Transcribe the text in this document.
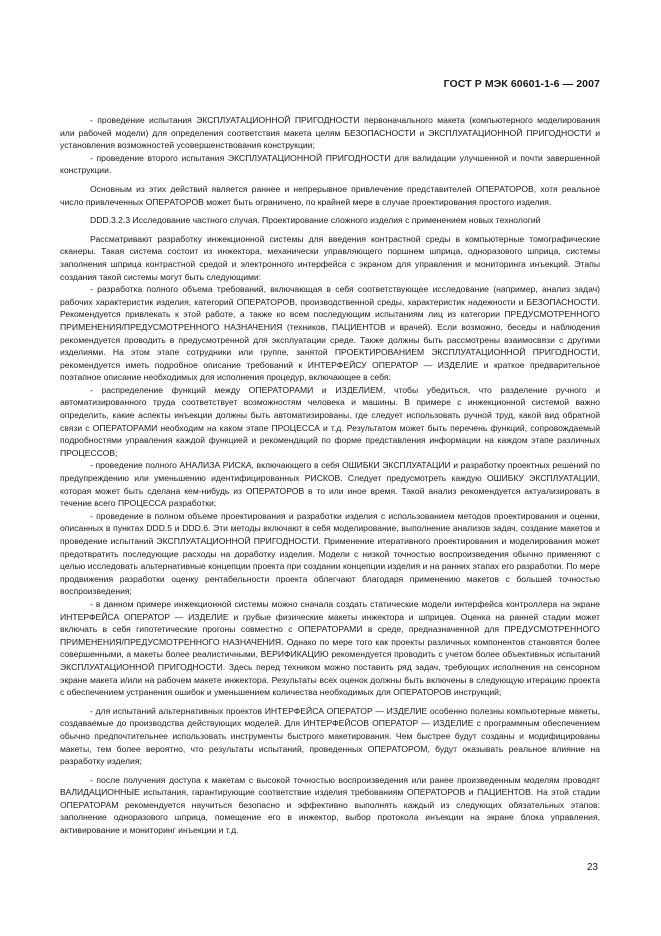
ГОСТ Р МЭК 60601-1-6 — 2007

- проведение испытания ЭКСПЛУАТАЦИОННОЙ ПРИГОДНОСТИ первоначального макета (компьютерного моделирования или рабочей модели) для определения соответствия макета целям БЕЗОПАСНОСТИ и ЭКСПЛУАТАЦИОННОЙ ПРИГОДНОСТИ и установления возможностей усовершенствования конструкции;

- проведение второго испытания ЭКСПЛУАТАЦИОННОЙ ПРИГОДНОСТИ для валидации улучшенной и почти завершенной конструкции.

Основным из этих действий является раннее и непрерывное привлечение представителей ОПЕРАТОРОВ, хотя реальное число привлеченных ОПЕРАТОРОВ может быть ограничено, по крайней мере в случае проектирования простого изделия.

DDD.3.2.3 Исследование частного случая. Проектирование сложного изделия с применением новых технологий

Рассматривают разработку инжекционной системы для введения контрастной среды в компьютерные томографические сканеры. Такая система состоит из инжектора, механически управляющего поршнем шприца, одноразового шприца, системы заполнения шприца контрастной средой и электронного интерфейса с экраном для управления и мониторинга инъекций. Этапы создания такой системы могут быть следующими:

- разработка полного объема требований, включающая в себя соответствующее исследование (например, анализ задач) рабочих характеристик изделия, категорий ОПЕРАТОРОВ, производственной среды, характеристик надежности и БЕЗОПАСНОСТИ. Рекомендуется привлекать к этой работе, а также ко всем последующим испытаниям лиц из категории ПРЕДУСМОТРЕННОГО ПРИМЕНЕНИЯ/ПРЕДУСМОТРЕННОГО НАЗНАЧЕНИЯ (техников, ПАЦИЕНТОВ и врачей). Если возможно, беседы и наблюдения рекомендуется проводить в предусмотренной для эксплуатации среде. Также должны быть рассмотрены взаимосвязи с другими изделиями. На этом этапе сотрудники или группе, занятой ПРОЕКТИРОВАНИЕМ ЭКСПЛУАТАЦИОННОЙ ПРИГОДНОСТИ, рекомендуется иметь подробное описание требований к ИНТЕРФЕЙСУ ОПЕРАТОР — ИЗДЕЛИЕ и краткое предварительное поэтапное описание необходимых для исполнения процедур, включающее в себя:

- распределение функций между ОПЕРАТОРАМИ и ИЗДЕЛИЕМ, чтобы убедиться, что разделение ручного и автоматизированного труда соответствует возможностям человека и машины. В примере с инжекционной системой важно определить, какие аспекты инъекции должны быть автоматизированы, где следует использовать ручной труд, какой вид обратной связи с ОПЕРАТОРАМИ необходим на каком этапе ПРОЦЕССА и т.д. Результатом может быть перечень функций, сопровождаемый подробностями управления каждой функцией и рекомендаций по форме представления информации на каждом этапе различных ПРОЦЕССОВ;

- проведение полного АНАЛИЗА РИСКА, включающего в себя ОШИБКИ ЭКСПЛУАТАЦИИ и разработку проектных решений по предупреждению или уменьшению идентифицированных РИСКОВ. Следует предусмотреть каждую ОШИБКУ ЭКСПЛУАТАЦИИ, которая может быть сделана кем-нибудь из ОПЕРАТОРОВ в то или иное время. Такой анализ рекомендуется актуализировать в течение всего ПРОЦЕССА разработки;

- проведение в полном объеме проектирования и разработки изделия с использованием методов проектирования и оценки, описанных в пунктах DDD.5 и DDD.6. Эти методы включают в себя моделирование, выполнение анализов задач, создание макетов и проведение испытаний ЭКСПЛУАТАЦИОННОЙ ПРИГОДНОСТИ. Применение итеративного проектирования и моделирования может предотвратить последующие расходы на доработку изделия. Модели с низкой точностью воспроизведения обычно применяют с целью исследовать альтернативные концепции проекта при создании концепции изделия и на ранних этапах его разработки. По мере продвижения разработки оценку рентабельности проекта облегчают благодаря применению макетов с большей точностью воспроизведения;

- в данном примере инжекционной системы можно сначала создать статические модели интерфейса контроллера на экране ИНТЕРФЕЙСА ОПЕРАТОР — ИЗДЕЛИЕ и грубые физические макеты инжектора и шприцев. Оценка на ранней стадии может включать в себя гипотетические прогоны совместно с ОПЕРАТОРАМИ в среде, предназначенной для ПРЕДУСМОТРЕННОГО ПРИМЕНЕНИЯ/ПРЕДУСМОТРЕННОГО НАЗНАЧЕНИЯ. Однако по мере того как проекты различных компонентов становятся более совершенными, а макеты более реалистичными, ВЕРИФИКАЦИЮ рекомендуется проводить с учетом более объективных испытаний ЭКСПЛУАТАЦИОННОЙ ПРИГОДНОСТИ. Здесь перед техником можно поставить ряд задач, требующих исполнения на сенсорном экране макета и/или на рабочем макете инжектора. Результаты всех оценок должны быть включены в следующую итерацию проекта с обеспечением устранения ошибок и уменьшением количества необходимых для ОПЕРАТОРОВ инструкций;

- для испытаний альтернативных проектов ИНТЕРФЕЙСА ОПЕРАТОР — ИЗДЕЛИЕ особенно полезны компьютерные макеты, создаваемые до производства действующих моделей. Для ИНТЕРФЕЙСОВ ОПЕРАТОР — ИЗДЕЛИЕ с программным обеспечением обычно предпочтительнее использовать инструменты быстрого макетирования. Чем быстрее будут созданы и модифицированы макеты, тем более вероятно, что результаты испытаний, проведенных ОПЕРАТОРОМ, будут оказывать реальное влияние на разработку изделия;

- после получения доступа к макетам с высокой точностью воспроизведения или ранее произведенным моделям проводят ВАЛИДАЦИОННЫЕ испытания, гарантирующие соответствие изделия требованиям ОПЕРАТОРОВ и ПАЦИЕНТОВ. На этой стадии ОПЕРАТОРАМ рекомендуется научиться безопасно и эффективно выполнять каждый из следующих обязательных этапов: заполнение одноразового шприца, помещение его в инжектор, выбор протокола инъекции на экране блока управления, активирование и мониторинг инъекции и т.д.

23
